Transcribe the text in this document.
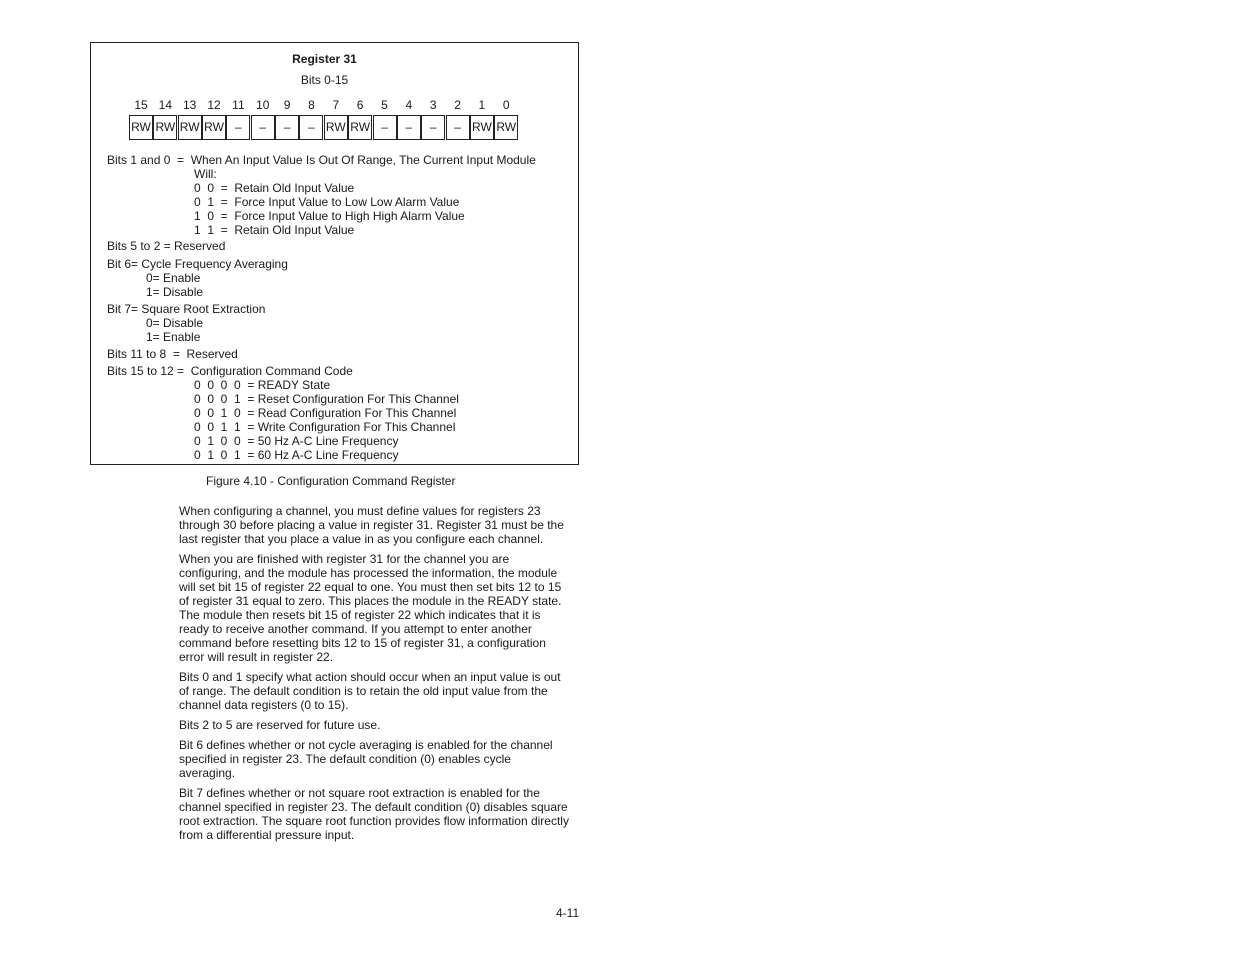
Register 31
Bits 0-15
15
RW
14
RW
13
RW
12
RW
11
–
10
–
9
–
8
–
7
RW
6
RW
5
–
4
–
3
–
2
–
1
RW
0
RW
Bits 1 and 0  =  When An Input Value Is Out Of Range, The Current Input Module
Will:
0  0  =  Retain Old Input Value
0  1  =  Force Input Value to Low Low Alarm Value
1  0  =  Force Input Value to High High Alarm Value
1  1  =  Retain Old Input Value
Bits 5 to 2 = Reserved
Bit 6= Cycle Frequency Averaging
0= Enable
1= Disable
Bit 7= Square Root Extraction
0= Disable
1= Enable
Bits 11 to 8  =  Reserved
Bits 15 to 12 =  Configuration Command Code
0  0  0  0  = READY State
0  0  0  1  = Reset Configuration For This Channel
0  0  1  0  = Read Configuration For This Channel
0  0  1  1  = Write Configuration For This Channel
0  1  0  0  = 50 Hz A-C Line Frequency
0  1  0  1  = 60 Hz A-C Line Frequency
Figure 4.10 - Configuration Command Register

When configuring a channel, you must define values for registers 23 through 30 before placing a value in register 31. Register 31 must be the last register that you place a value in as you configure each channel.

When you are finished with register 31 for the channel you are configuring, and the module has processed the information, the module will set bit 15 of register 22 equal to one. You must then set bits 12 to 15 of register 31 equal to zero. This places the module in the READY state. The module then resets bit 15 of register 22 which indicates that it is ready to receive another command. If you attempt to enter another command before resetting bits 12 to 15 of register 31, a configuration error will result in register 22.

Bits 0 and 1 specify what action should occur when an input value is out of range. The default condition is to retain the old input value from the channel data registers (0 to 15).

Bits 2 to 5 are reserved for future use.

Bit 6 defines whether or not cycle averaging is enabled for the channel specified in register 23. The default condition (0) enables cycle averaging.

Bit 7 defines whether or not square root extraction is enabled for the channel specified in register 23. The default condition (0) disables square root extraction. The square root function provides flow information directly from a differential pressure input.

4-11
